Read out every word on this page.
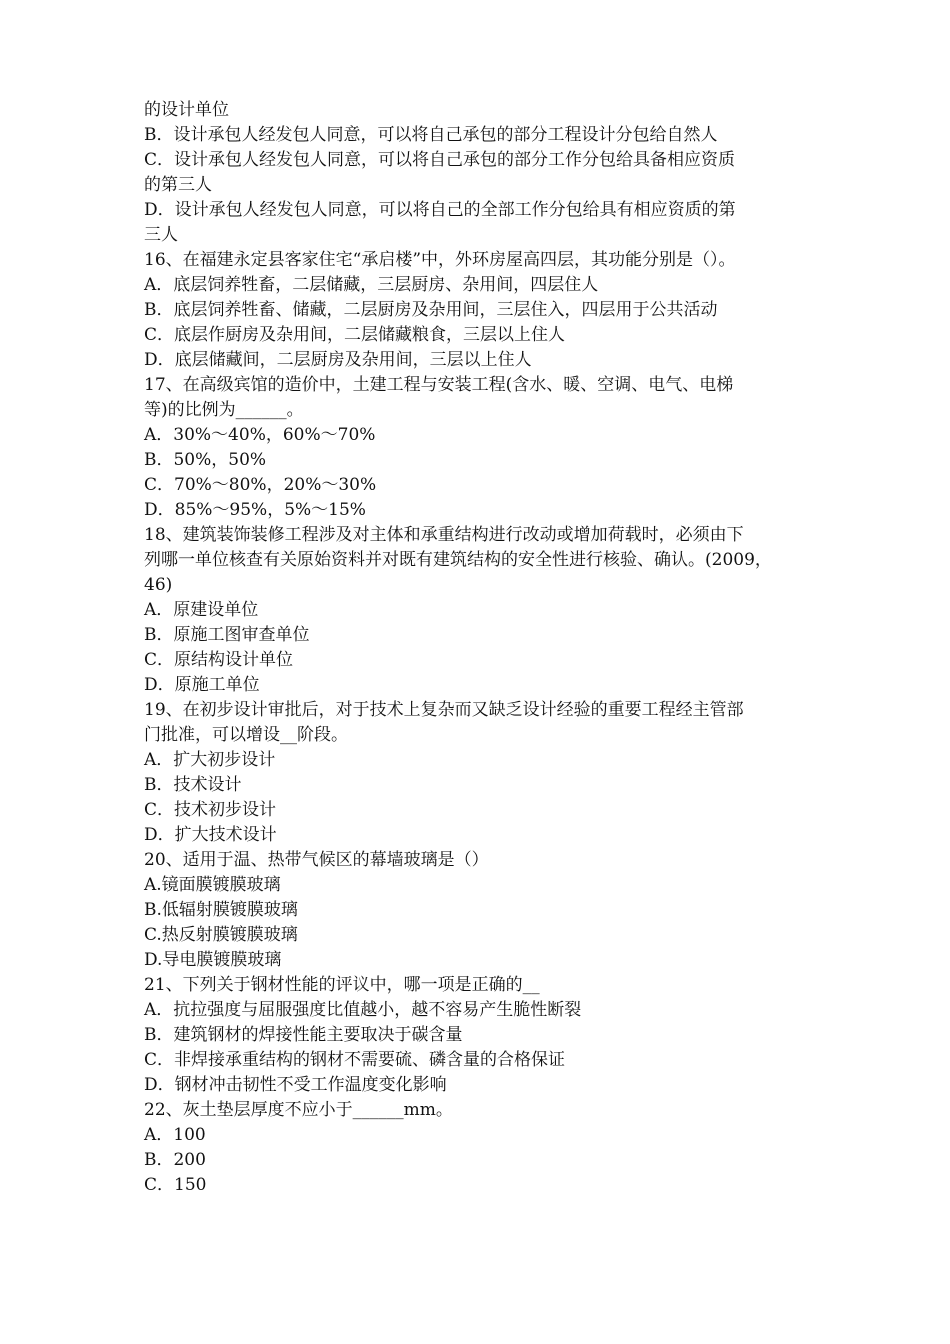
的设计单位
B．设计承包人经发包人同意，可以将自己承包的部分工程设计分包给自然人
C．设计承包人经发包人同意，可以将自己承包的部分工作分包给具备相应资质
的第三人
D．设计承包人经发包人同意，可以将自己的全部工作分包给具有相应资质的第
三人
16、在福建永定县客家住宅“承启楼”中，外环房屋高四层，其功能分别是（）。
A．底层饲养牲畜，二层储藏，三层厨房、杂用间，四层住人
B．底层饲养牲畜、储藏，二层厨房及杂用间，三层住入，四层用于公共活动
C．底层作厨房及杂用间，二层储藏粮食，三层以上住人
D．底层储藏间，二层厨房及杂用间，三层以上住人
17、在高级宾馆的造价中，土建工程与安装工程(含水、暖、空调、电气、电梯
等)的比例为______。
A．30%～40%，60%～70%
B．50%，50%
C．70%～80%，20%～30%
D．85%～95%，5%～15%
18、建筑装饰装修工程涉及对主体和承重结构进行改动或增加荷载时，必须由下
列哪一单位核查有关原始资料并对既有建筑结构的安全性进行核验、确认。(2009，
46)
A．原建设单位
B．原施工图审查单位
C．原结构设计单位
D．原施工单位
19、在初步设计审批后，对于技术上复杂而又缺乏设计经验的重要工程经主管部
门批准，可以增设__阶段。
A．扩大初步设计
B．技术设计
C．技术初步设计
D．扩大技术设计
20、适用于温、热带气候区的幕墙玻璃是（）
A.镜面膜镀膜玻璃
B.低辐射膜镀膜玻璃
C.热反射膜镀膜玻璃
D.导电膜镀膜玻璃
21、下列关于钢材性能的评议中，哪一项是正确的__
A．抗拉强度与屈服强度比值越小，越不容易产生脆性断裂
B．建筑钢材的焊接性能主要取决于碳含量
C．非焊接承重结构的钢材不需要硫、磷含量的合格保证
D．钢材冲击韧性不受工作温度变化影响
22、灰土垫层厚度不应小于______mm。
A．100
B．200
C．150
